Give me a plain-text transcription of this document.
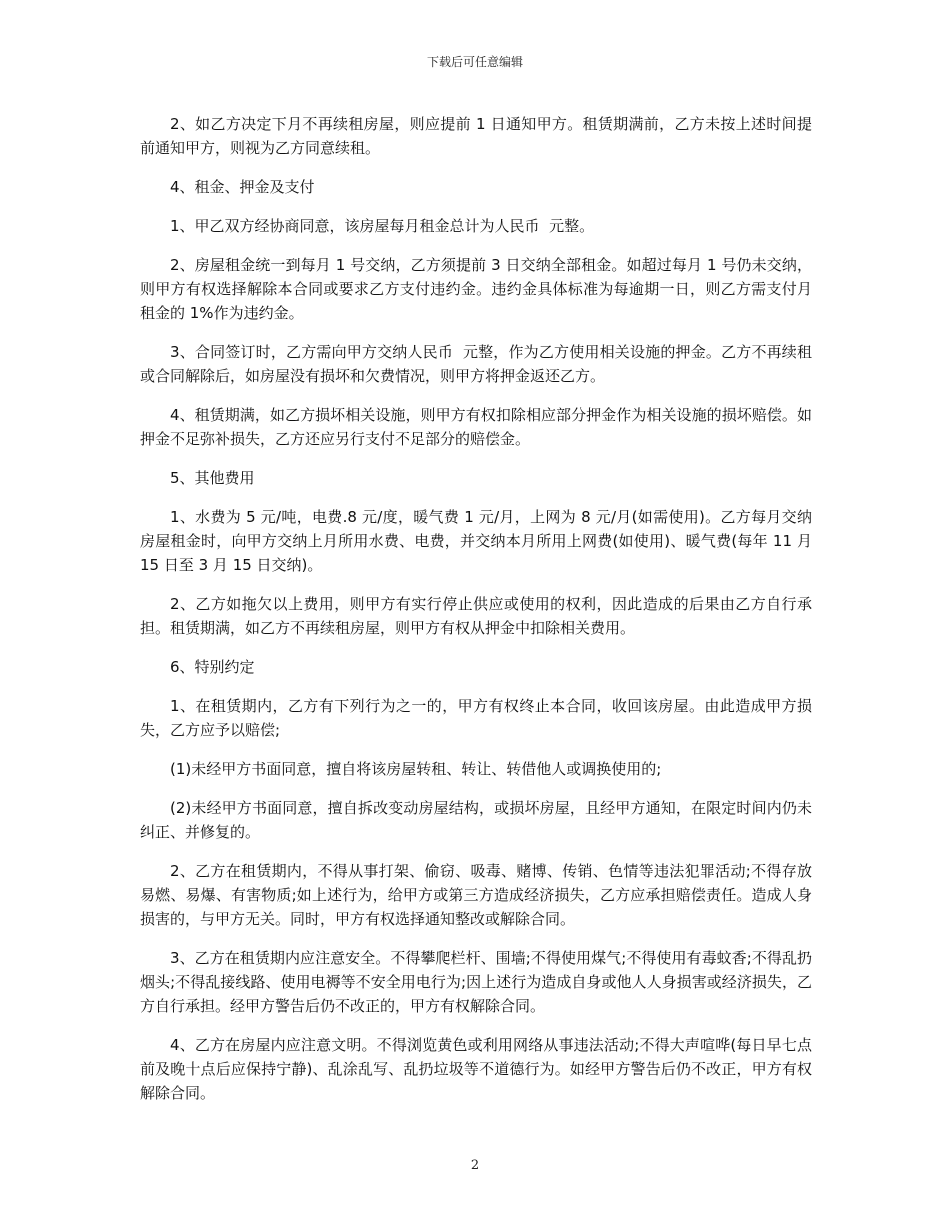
下载后可任意编辑

2、如乙方决定下月不再续租房屋，则应提前 1 日通知甲方。租赁期满前，乙方未按上述时间提前通知甲方，则视为乙方同意续租。

4、租金、押金及支付

1、甲乙双方经协商同意，该房屋每月租金总计为人民币  元整。

2、房屋租金统一到每月 1 号交纳，乙方须提前 3 日交纳全部租金。如超过每月 1 号仍未交纳，则甲方有权选择解除本合同或要求乙方支付违约金。违约金具体标准为每逾期一日，则乙方需支付月租金的 1%作为违约金。

3、合同签订时，乙方需向甲方交纳人民币  元整，作为乙方使用相关设施的押金。乙方不再续租或合同解除后，如房屋没有损坏和欠费情况，则甲方将押金返还乙方。

4、租赁期满，如乙方损坏相关设施，则甲方有权扣除相应部分押金作为相关设施的损坏赔偿。如押金不足弥补损失，乙方还应另行支付不足部分的赔偿金。

5、其他费用

1、水费为 5 元/吨，电费.8 元/度，暖气费 1 元/月，上网为 8 元/月(如需使用)。乙方每月交纳房屋租金时，向甲方交纳上月所用水费、电费，并交纳本月所用上网费(如使用)、暖气费(每年 11 月 15 日至 3 月 15 日交纳)。

2、乙方如拖欠以上费用，则甲方有实行停止供应或使用的权利，因此造成的后果由乙方自行承担。租赁期满，如乙方不再续租房屋，则甲方有权从押金中扣除相关费用。

6、特别约定

1、在租赁期内，乙方有下列行为之一的，甲方有权终止本合同，收回该房屋。由此造成甲方损失，乙方应予以赔偿;

(1)未经甲方书面同意，擅自将该房屋转租、转让、转借他人或调换使用的;

(2)未经甲方书面同意，擅自拆改变动房屋结构，或损坏房屋，且经甲方通知，在限定时间内仍未纠正、并修复的。

2、乙方在租赁期内，不得从事打架、偷窃、吸毒、赌博、传销、色情等违法犯罪活动;不得存放易燃、易爆、有害物质;如上述行为，给甲方或第三方造成经济损失，乙方应承担赔偿责任。造成人身损害的，与甲方无关。同时，甲方有权选择通知整改或解除合同。

3、乙方在租赁期内应注意安全。不得攀爬栏杆、围墙;不得使用煤气;不得使用有毒蚊香;不得乱扔烟头;不得乱接线路、使用电褥等不安全用电行为;因上述行为造成自身或他人人身损害或经济损失，乙方自行承担。经甲方警告后仍不改正的，甲方有权解除合同。

4、乙方在房屋内应注意文明。不得浏览黄色或利用网络从事违法活动;不得大声喧哗(每日早七点前及晚十点后应保持宁静)、乱涂乱写、乱扔垃圾等不道德行为。如经甲方警告后仍不改正，甲方有权解除合同。

2
